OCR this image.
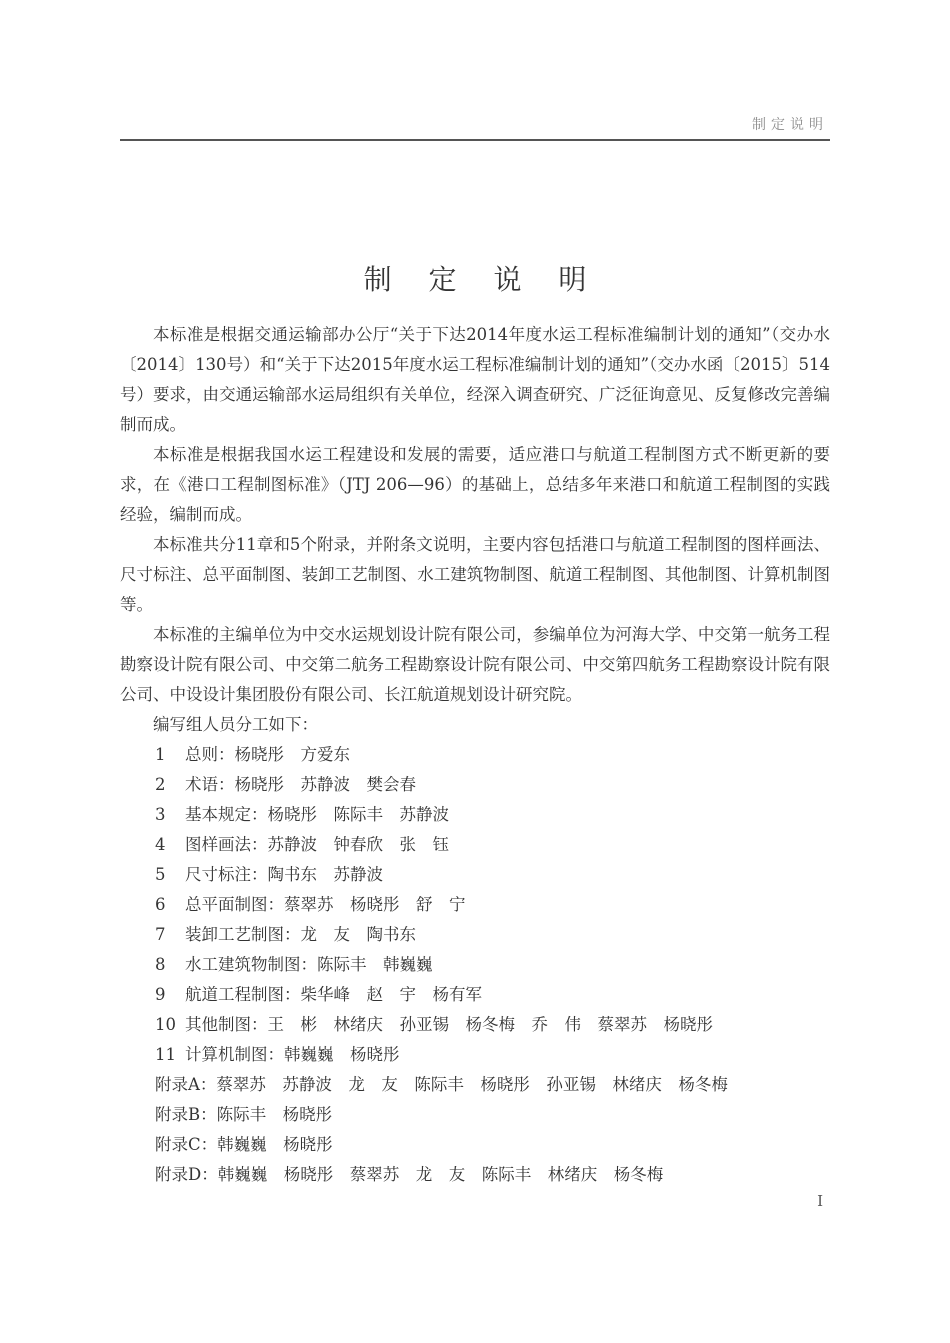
制定说明
制 定 说 明

本标准是根据交通运输部办公厅“关于下达2014年度水运工程标准编制计划的通知”（交办水〔2014〕130号）和“关于下达2015年度水运工程标准编制计划的通知”（交办水函〔2015〕514号）要求，由交通运输部水运局组织有关单位，经深入调查研究、广泛征询意见、反复修改完善编制而成。

本标准是根据我国水运工程建设和发展的需要，适应港口与航道工程制图方式不断更新的要求，在《港口工程制图标准》（JTJ 206—96）的基础上，总结多年来港口和航道工程制图的实践经验，编制而成。

本标准共分11章和5个附录，并附条文说明，主要内容包括港口与航道工程制图的图样画法、尺寸标注、总平面制图、装卸工艺制图、水工建筑物制图、航道工程制图、其他制图、计算机制图等。

本标准的主编单位为中交水运规划设计院有限公司，参编单位为河海大学、中交第一航务工程勘察设计院有限公司、中交第二航务工程勘察设计院有限公司、中交第四航务工程勘察设计院有限公司、中设设计集团股份有限公司、长江航道规划设计研究院。

编写组人员分工如下：

1 总则：杨晓彤　方爱东
2 术语：杨晓彤　苏静波　樊会春
3 基本规定：杨晓彤　陈际丰　苏静波
4 图样画法：苏静波　钟春欣　张　钰
5 尺寸标注：陶书东　苏静波
6 总平面制图：蔡翠苏　杨晓彤　舒　宁
7 装卸工艺制图：龙　友　陶书东
8 水工建筑物制图：陈际丰　韩巍巍
9 航道工程制图：柴华峰　赵　宇　杨有军
10 其他制图：王　彬　林绪庆　孙亚锡　杨冬梅　乔　伟　蔡翠苏　杨晓彤
11 计算机制图：韩巍巍　杨晓彤
附录A：蔡翠苏　苏静波　龙　友　陈际丰　杨晓彤　孙亚锡　林绪庆　杨冬梅
附录B：陈际丰　杨晓彤
附录C：韩巍巍　杨晓彤
附录D：韩巍巍　杨晓彤　蔡翠苏　龙　友　陈际丰　林绪庆　杨冬梅
I
